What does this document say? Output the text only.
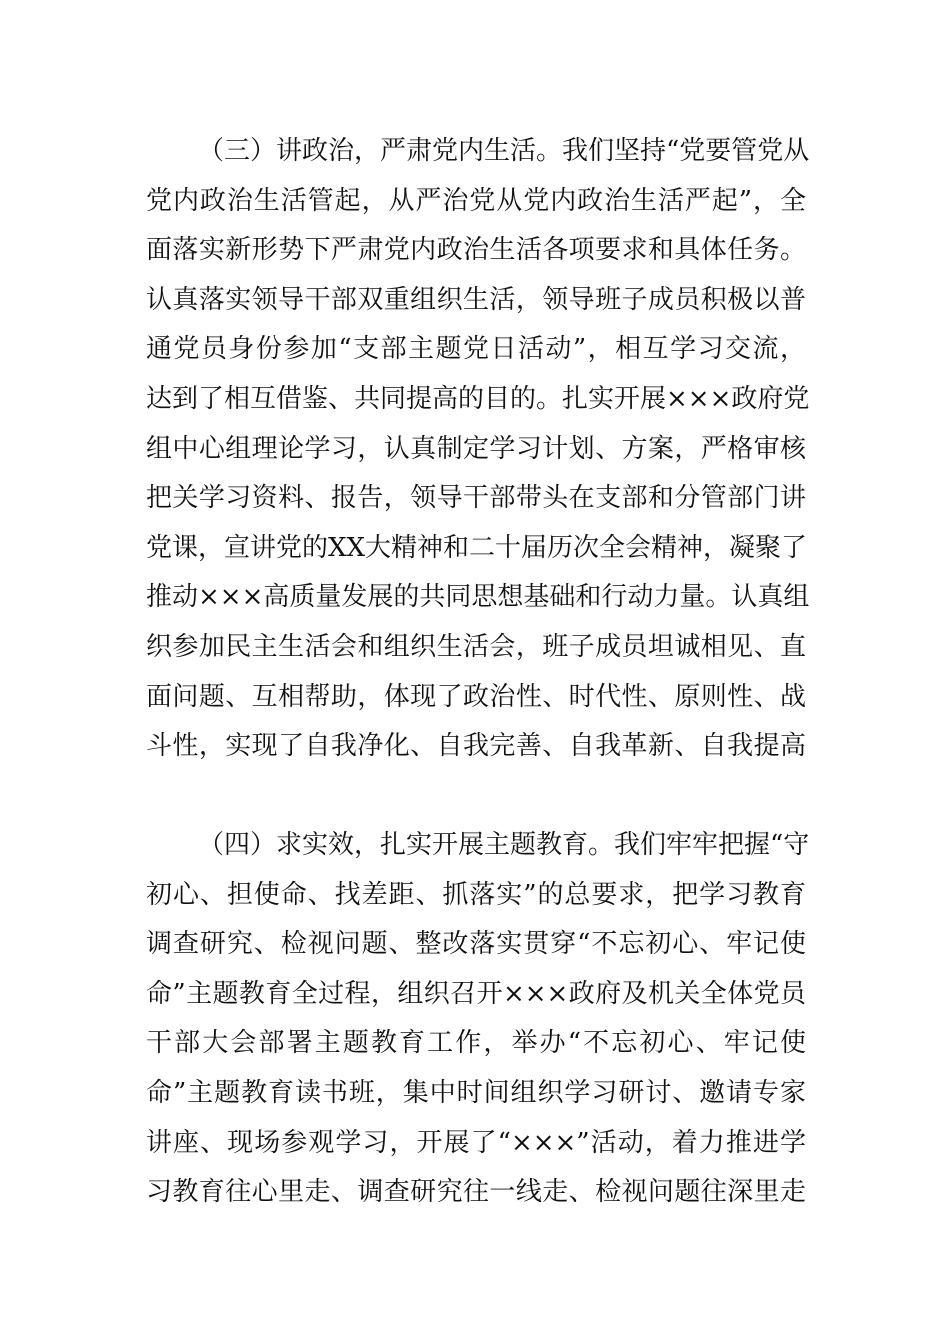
（三）讲政治，严肃党内生活。我们坚持“党要管党从
党内政治生活管起，从严治党从党内政治生活严起”，全
面落实新形势下严肃党内政治生活各项要求和具体任务。
认真落实领导干部双重组织生活，领导班子成员积极以普
通党员身份参加“支部主题党日活动”，相互学习交流，
达到了相互借鉴、共同提高的目的。扎实开展×××政府党
组中心组理论学习，认真制定学习计划、方案，严格审核
把关学习资料、报告，领导干部带头在支部和分管部门讲
党课，宣讲党的XX大精神和二十届历次全会精神，凝聚了
推动×××高质量发展的共同思想基础和行动力量。认真组
织参加民主生活会和组织生活会，班子成员坦诚相见、直
面问题、互相帮助，体现了政治性、时代性、原则性、战
斗性，实现了自我净化、自我完善、自我革新、自我提高
（四）求实效，扎实开展主题教育。我们牢牢把握“守
初心、担使命、找差距、抓落实”的总要求，把学习教育
调查研究、检视问题、整改落实贯穿“不忘初心、牢记使
命”主题教育全过程，组织召开×××政府及机关全体党员
干部大会部署主题教育工作，举办“不忘初心、牢记使
命”主题教育读书班，集中时间组织学习研讨、邀请专家
讲座、现场参观学习，开展了“×××”活动，着力推进学
习教育往心里走、调查研究往一线走、检视问题往深里走
